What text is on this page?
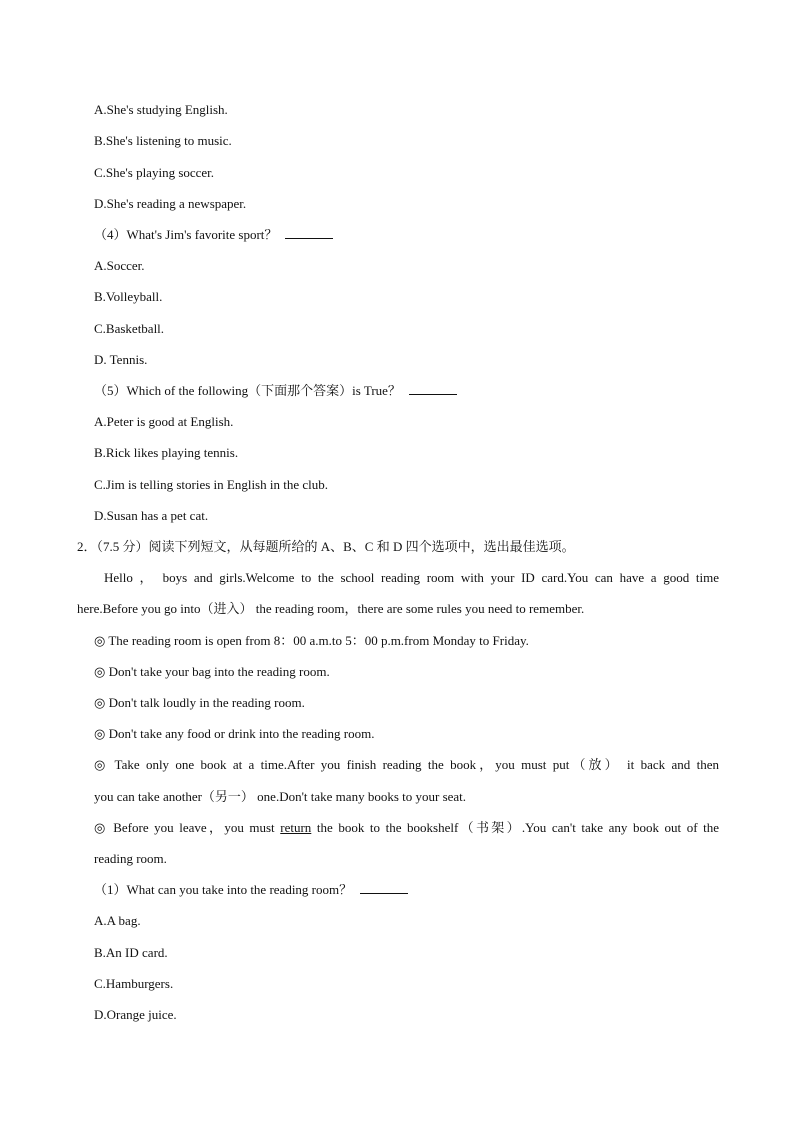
A.She's studying English.
B.She's listening to music.
C.She's playing soccer.
D.She's reading a newspaper.
（4）What's Jim's favorite sport？
A.Soccer.
B.Volleyball.
C.Basketball.
D. Tennis.
（5）Which of the following（下面那个答案）is True？
A.Peter is good at English.
B.Rick likes playing tennis.
C.Jim is telling stories in English in the club.
D.Susan has a pet cat.
2．（7.5 分）阅读下列短文，从每题所给的 A、B、C 和 D 四个选项中，选出最佳选项。
Hello ， boys and girls.Welcome to the school reading room with your ID card.You can have a good time
here.Before you go into（进入） the reading room，there are some rules you need to remember.
◎ The reading room is open from 8：00 a.m.to 5：00 p.m.from Monday to Friday.
◎ Don't take your bag into the reading room.
◎ Don't talk loudly in the reading room.
◎ Don't take any food or drink into the reading room.
◎ Take only one book at a time.After you finish reading the book，you must put（放） it back and then
you can take another（另一） one.Don't take many books to your seat.
◎ Before you leave，you must return the book to the bookshelf（书架）.You can't take any book out of the
reading room.
（1）What can you take into the reading room？
A.A bag.
B.An ID card.
C.Hamburgers.
D.Orange juice.
